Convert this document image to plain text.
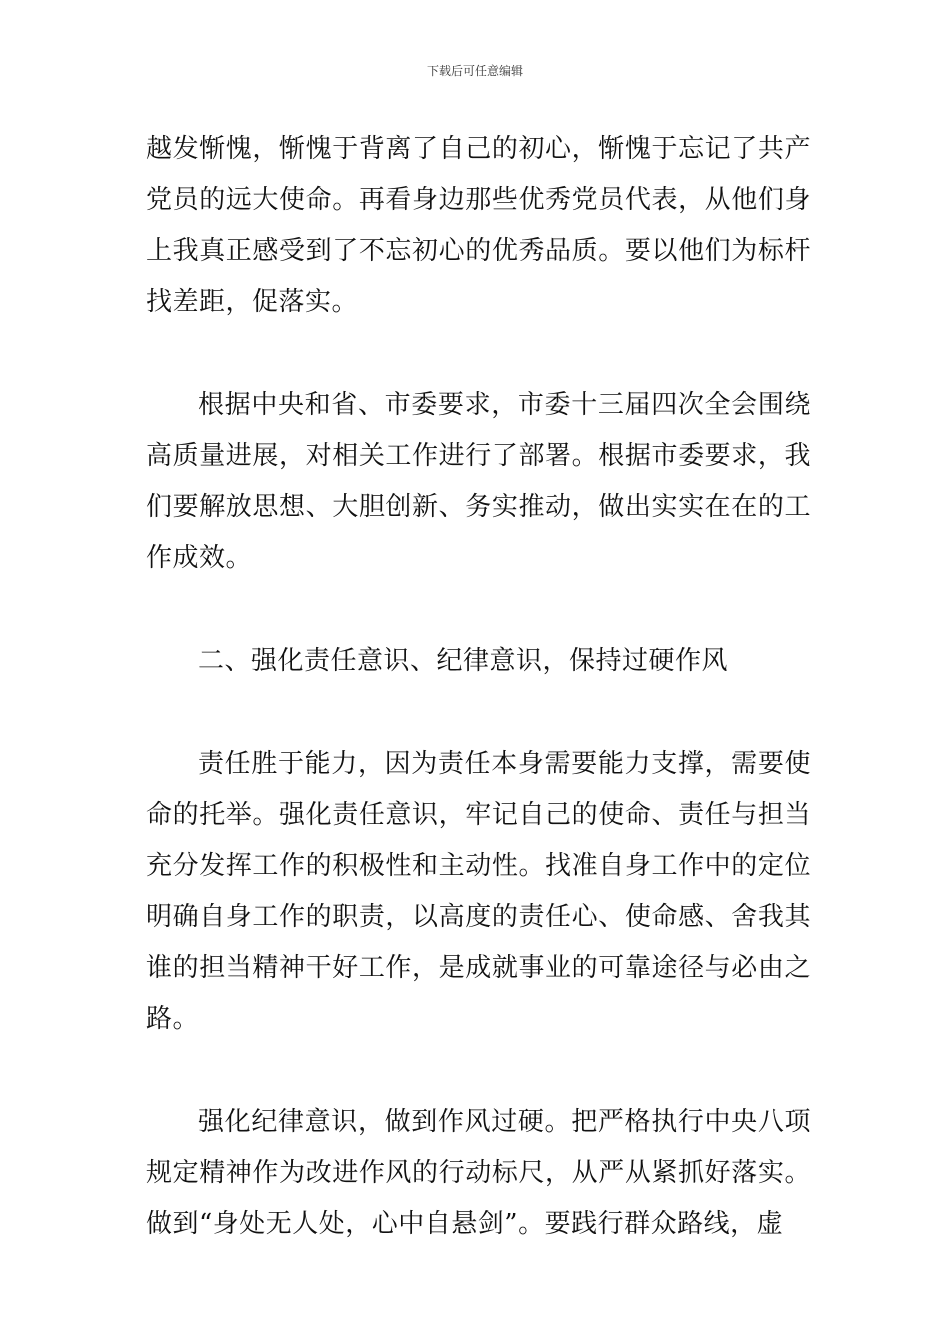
下载后可任意编辑

越发惭愧，惭愧于背离了自己的初心，惭愧于忘记了共产党员的远大使命。再看身边那些优秀党员代表，从他们身上我真正感受到了不忘初心的优秀品质。要以他们为标杆找差距，促落实。

根据中央和省、市委要求，市委十三届四次全会围绕高质量进展，对相关工作进行了部署。根据市委要求，我们要解放思想、大胆创新、务实推动，做出实实在在的工作成效。

二、强化责任意识、纪律意识，保持过硬作风

责任胜于能力，因为责任本身需要能力支撑，需要使命的托举。强化责任意识，牢记自己的使命、责任与担当充分发挥工作的积极性和主动性。找准自身工作中的定位明确自身工作的职责，以高度的责任心、使命感、舍我其谁的担当精神干好工作，是成就事业的可靠途径与必由之路。

强化纪律意识，做到作风过硬。把严格执行中央八项规定精神作为改进作风的行动标尺，从严从紧抓好落实。做到“身处无人处，心中自悬剑”。要践行群众路线，虚
